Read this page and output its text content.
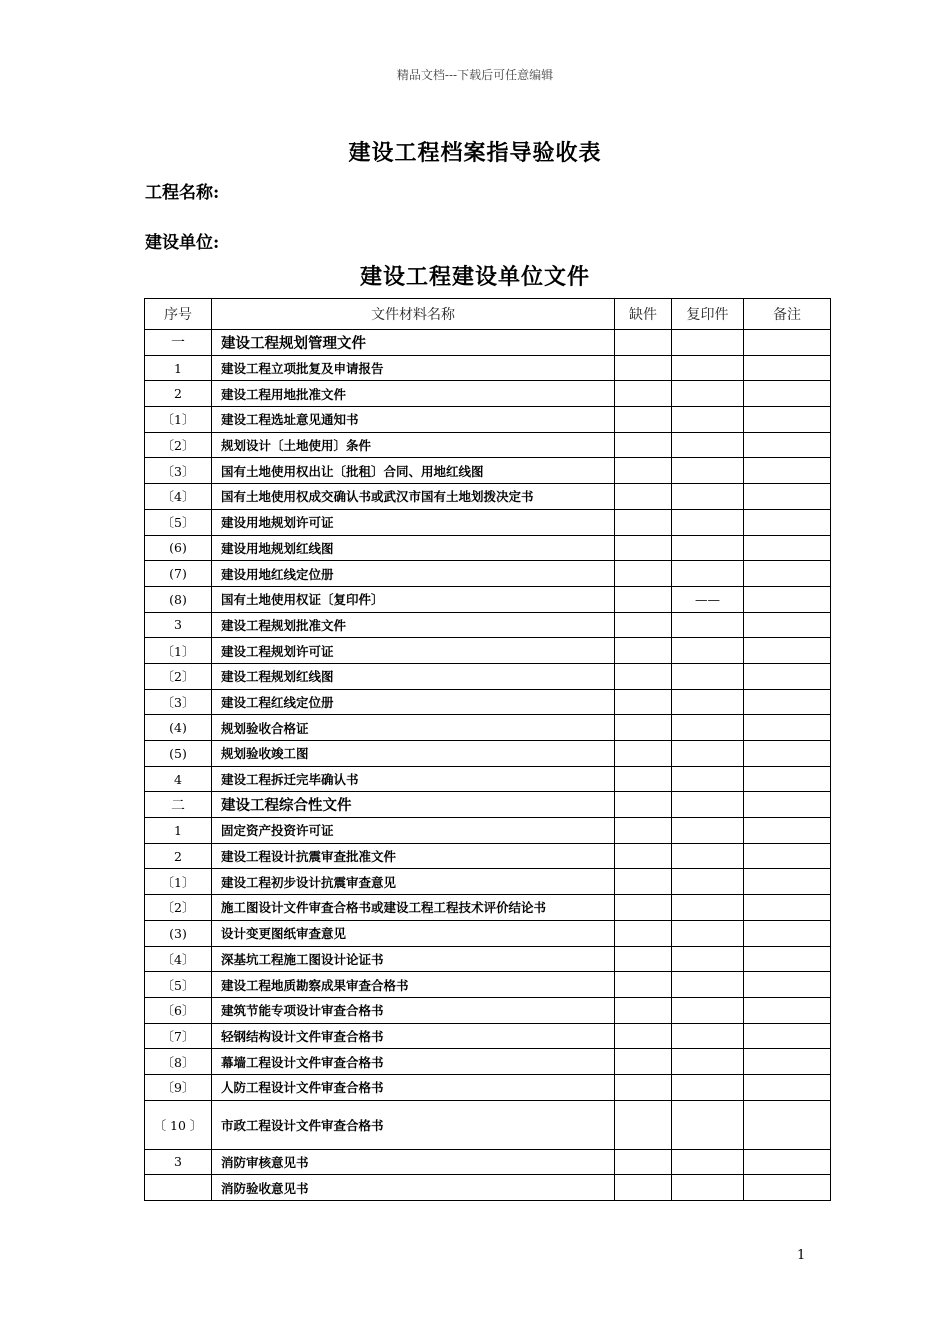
精品文档---下载后可任意编辑
建设工程档案指导验收表
工程名称:
建设单位:
建设工程建设单位文件
序号	文件材料名称	缺件	复印件	备注
一	建设工程规划管理文件			
1	建设工程立项批复及申请报告			
2	建设工程用地批准文件			
〔1〕	建设工程选址意见通知书			
〔2〕	规划设计〔土地使用〕条件			
〔3〕	国有土地使用权出让〔批租〕合同、用地红线图			
〔4〕	国有土地使用权成交确认书或武汉市国有土地划拨决定书			
〔5〕	建设用地规划许可证			
(6)	建设用地规划红线图			
(7)	建设用地红线定位册			
(8)	国有土地使用权证〔复印件〕		——	
3	建设工程规划批准文件			
〔1〕	建设工程规划许可证			
〔2〕	建设工程规划红线图			
〔3〕	建设工程红线定位册			
(4)	规划验收合格证			
(5)	规划验收竣工图			
4	建设工程拆迁完毕确认书			
二	建设工程综合性文件			
1	固定资产投资许可证			
2	建设工程设计抗震审查批准文件			
〔1〕	建设工程初步设计抗震审查意见			
〔2〕	施工图设计文件审查合格书或建设工程工程技术评价结论书			
(3)	设计变更图纸审查意见			
〔4〕	深基坑工程施工图设计论证书			
〔5〕	建设工程地质勘察成果审查合格书			
〔6〕	建筑节能专项设计审查合格书			
〔7〕	轻钢结构设计文件审查合格书			
〔8〕	幕墙工程设计文件审查合格书			
〔9〕	人防工程设计文件审查合格书			
〔 10 〕	市政工程设计文件审查合格书			
3	消防审核意见书			
	消防验收意见书			
1
